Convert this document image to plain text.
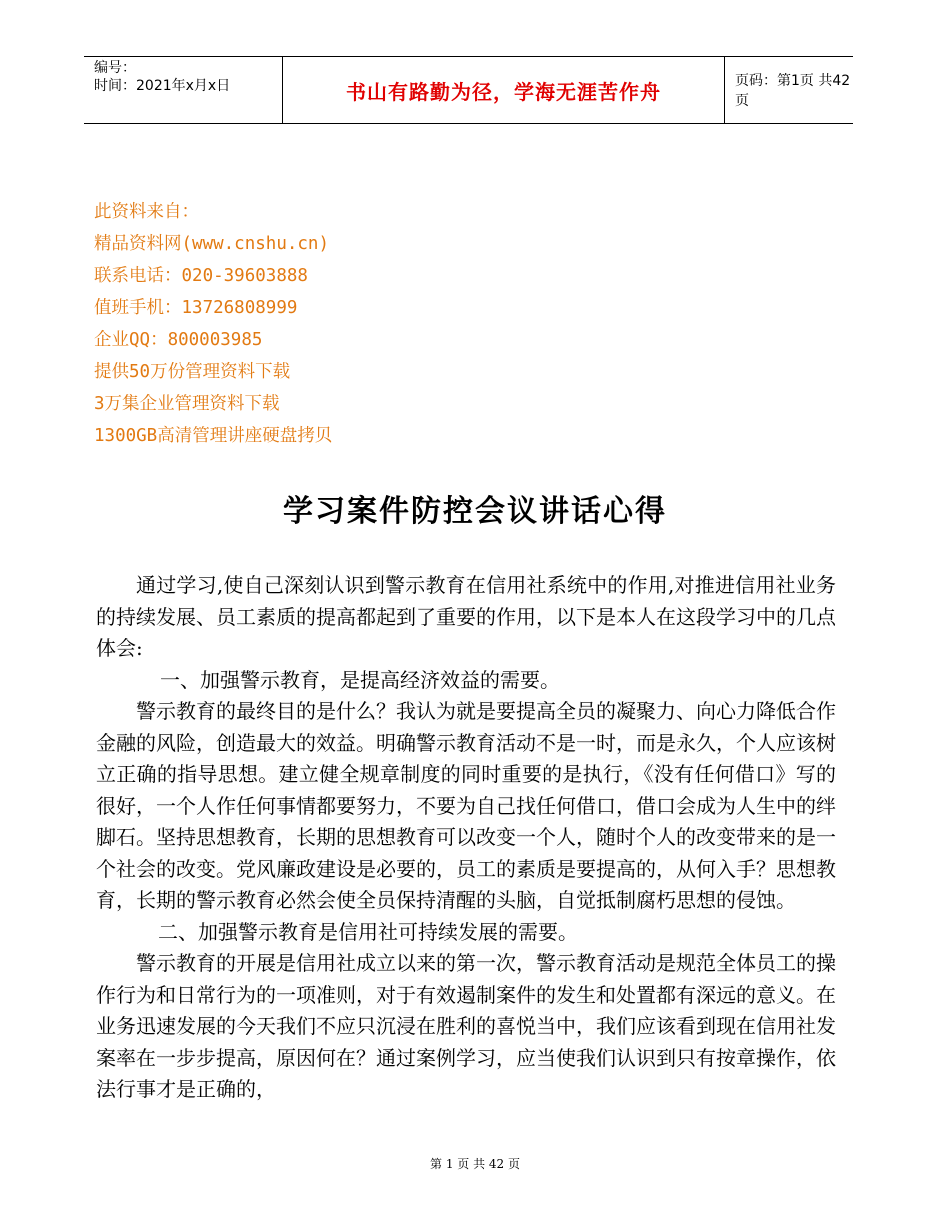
编号：
时间：2021年x月x日	书山有路勤为径，学海无涯苦作舟	页码：第1页 共42页
此资料来自：
精品资料网(www.cnshu.cn)
联系电话：020-39603888
值班手机：13726808999
企业QQ：800003985
提供50万份管理资料下载
3万集企业管理资料下载
1300GB高清管理讲座硬盘拷贝
学习案件防控会议讲话心得

通过学习,使自己深刻认识到警示教育在信用社系统中的作用,对推进信用社业务的持续发展、员工素质的提高都起到了重要的作用，以下是本人在这段学习中的几点体会:

一、加强警示教育，是提高经济效益的需要。

警示教育的最终目的是什么？我认为就是要提高全员的凝聚力、向心力降低合作金融的风险，创造最大的效益。明确警示教育活动不是一时，而是永久，个人应该树立正确的指导思想。建立健全规章制度的同时重要的是执行，《没有任何借口》写的很好，一个人作任何事情都要努力，不要为自己找任何借口，借口会成为人生中的绊脚石。坚持思想教育，长期的思想教育可以改变一个人，随时个人的改变带来的是一个社会的改变。党风廉政建设是必要的，员工的素质是要提高的，从何入手？思想教育，长期的警示教育必然会使全员保持清醒的头脑，自觉抵制腐朽思想的侵蚀。

二、加强警示教育是信用社可持续发展的需要。

警示教育的开展是信用社成立以来的第一次，警示教育活动是规范全体员工的操作行为和日常行为的一项准则，对于有效遏制案件的发生和处置都有深远的意义。在业务迅速发展的今天我们不应只沉浸在胜利的喜悦当中，我们应该看到现在信用社发案率在一步步提高，原因何在？通过案例学习，应当使我们认识到只有按章操作，依法行事才是正确的，

第 1 页 共 42 页
